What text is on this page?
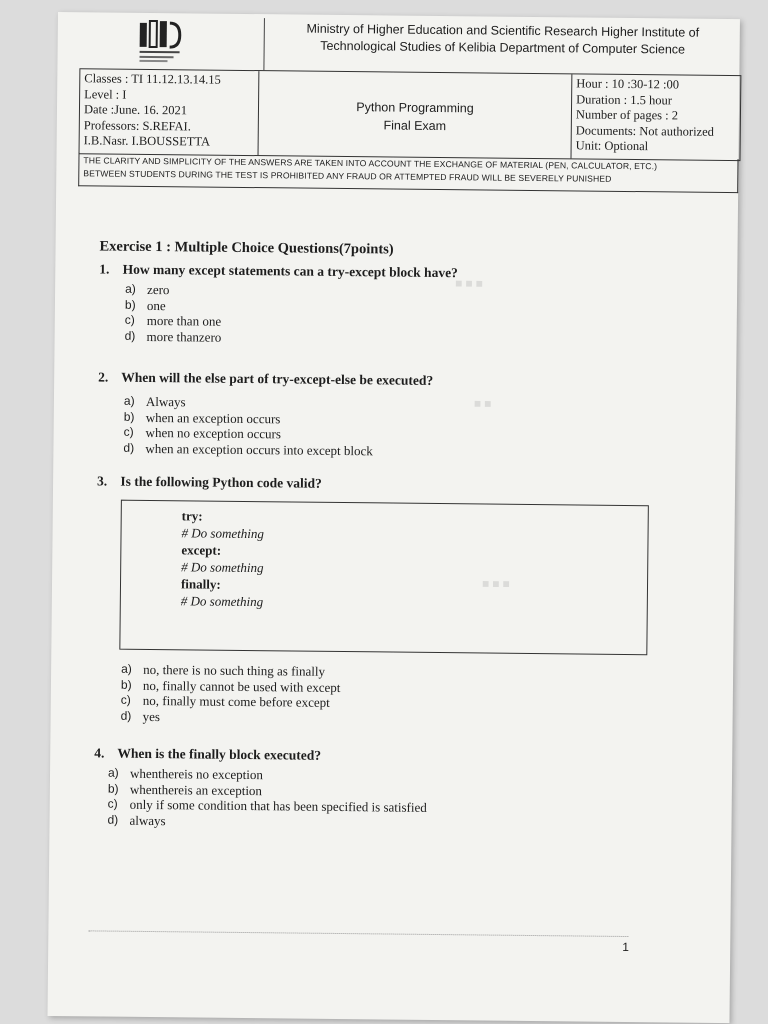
Ministry of Higher Education and Scientific Research Higher Institute of
Technological Studies of Kelibia Department of Computer Science
Classes : TI 11.12.13.14.15
Level : I
Date :June. 16. 2021
Professors: S.REFAI.
I.B.Nasr. I.BOUSSETTA
Python Programming
Final Exam
Hour : 10 :30-12 :00
Duration : 1.5 hour
Number of pages : 2
Documents: Not authorized
Unit: Optional
THE CLARITY AND SIMPLICITY OF THE ANSWERS ARE TAKEN INTO ACCOUNT THE EXCHANGE OF MATERIAL (PEN, CALCULATOR, ETC.)
BETWEEN STUDENTS DURING THE TEST IS PROHIBITED ANY FRAUD OR ATTEMPTED FRAUD WILL BE SEVERELY PUNISHED
■ ■ ■
■ ■
■ ■ ■
Exercise 1 : Multiple Choice Questions(7points)
1. How many except statements can a try-except block have?
a) zero
b) one
c) more than one
d) more thanzero
2. When will the else part of try-except-else be executed?
a) Always
b) when an exception occurs
c) when no exception occurs
d) when an exception occurs into except block
3. Is the following Python code valid?
try:
# Do something
except:
# Do something
finally:
# Do something
a) no, there is no such thing as finally
b) no, finally cannot be used with except
c) no, finally must come before except
d) yes
4. When is the finally block executed?
a) whenthereis no exception
b) whenthereis an exception
c) only if some condition that has been specified is satisfied
d) always
1
